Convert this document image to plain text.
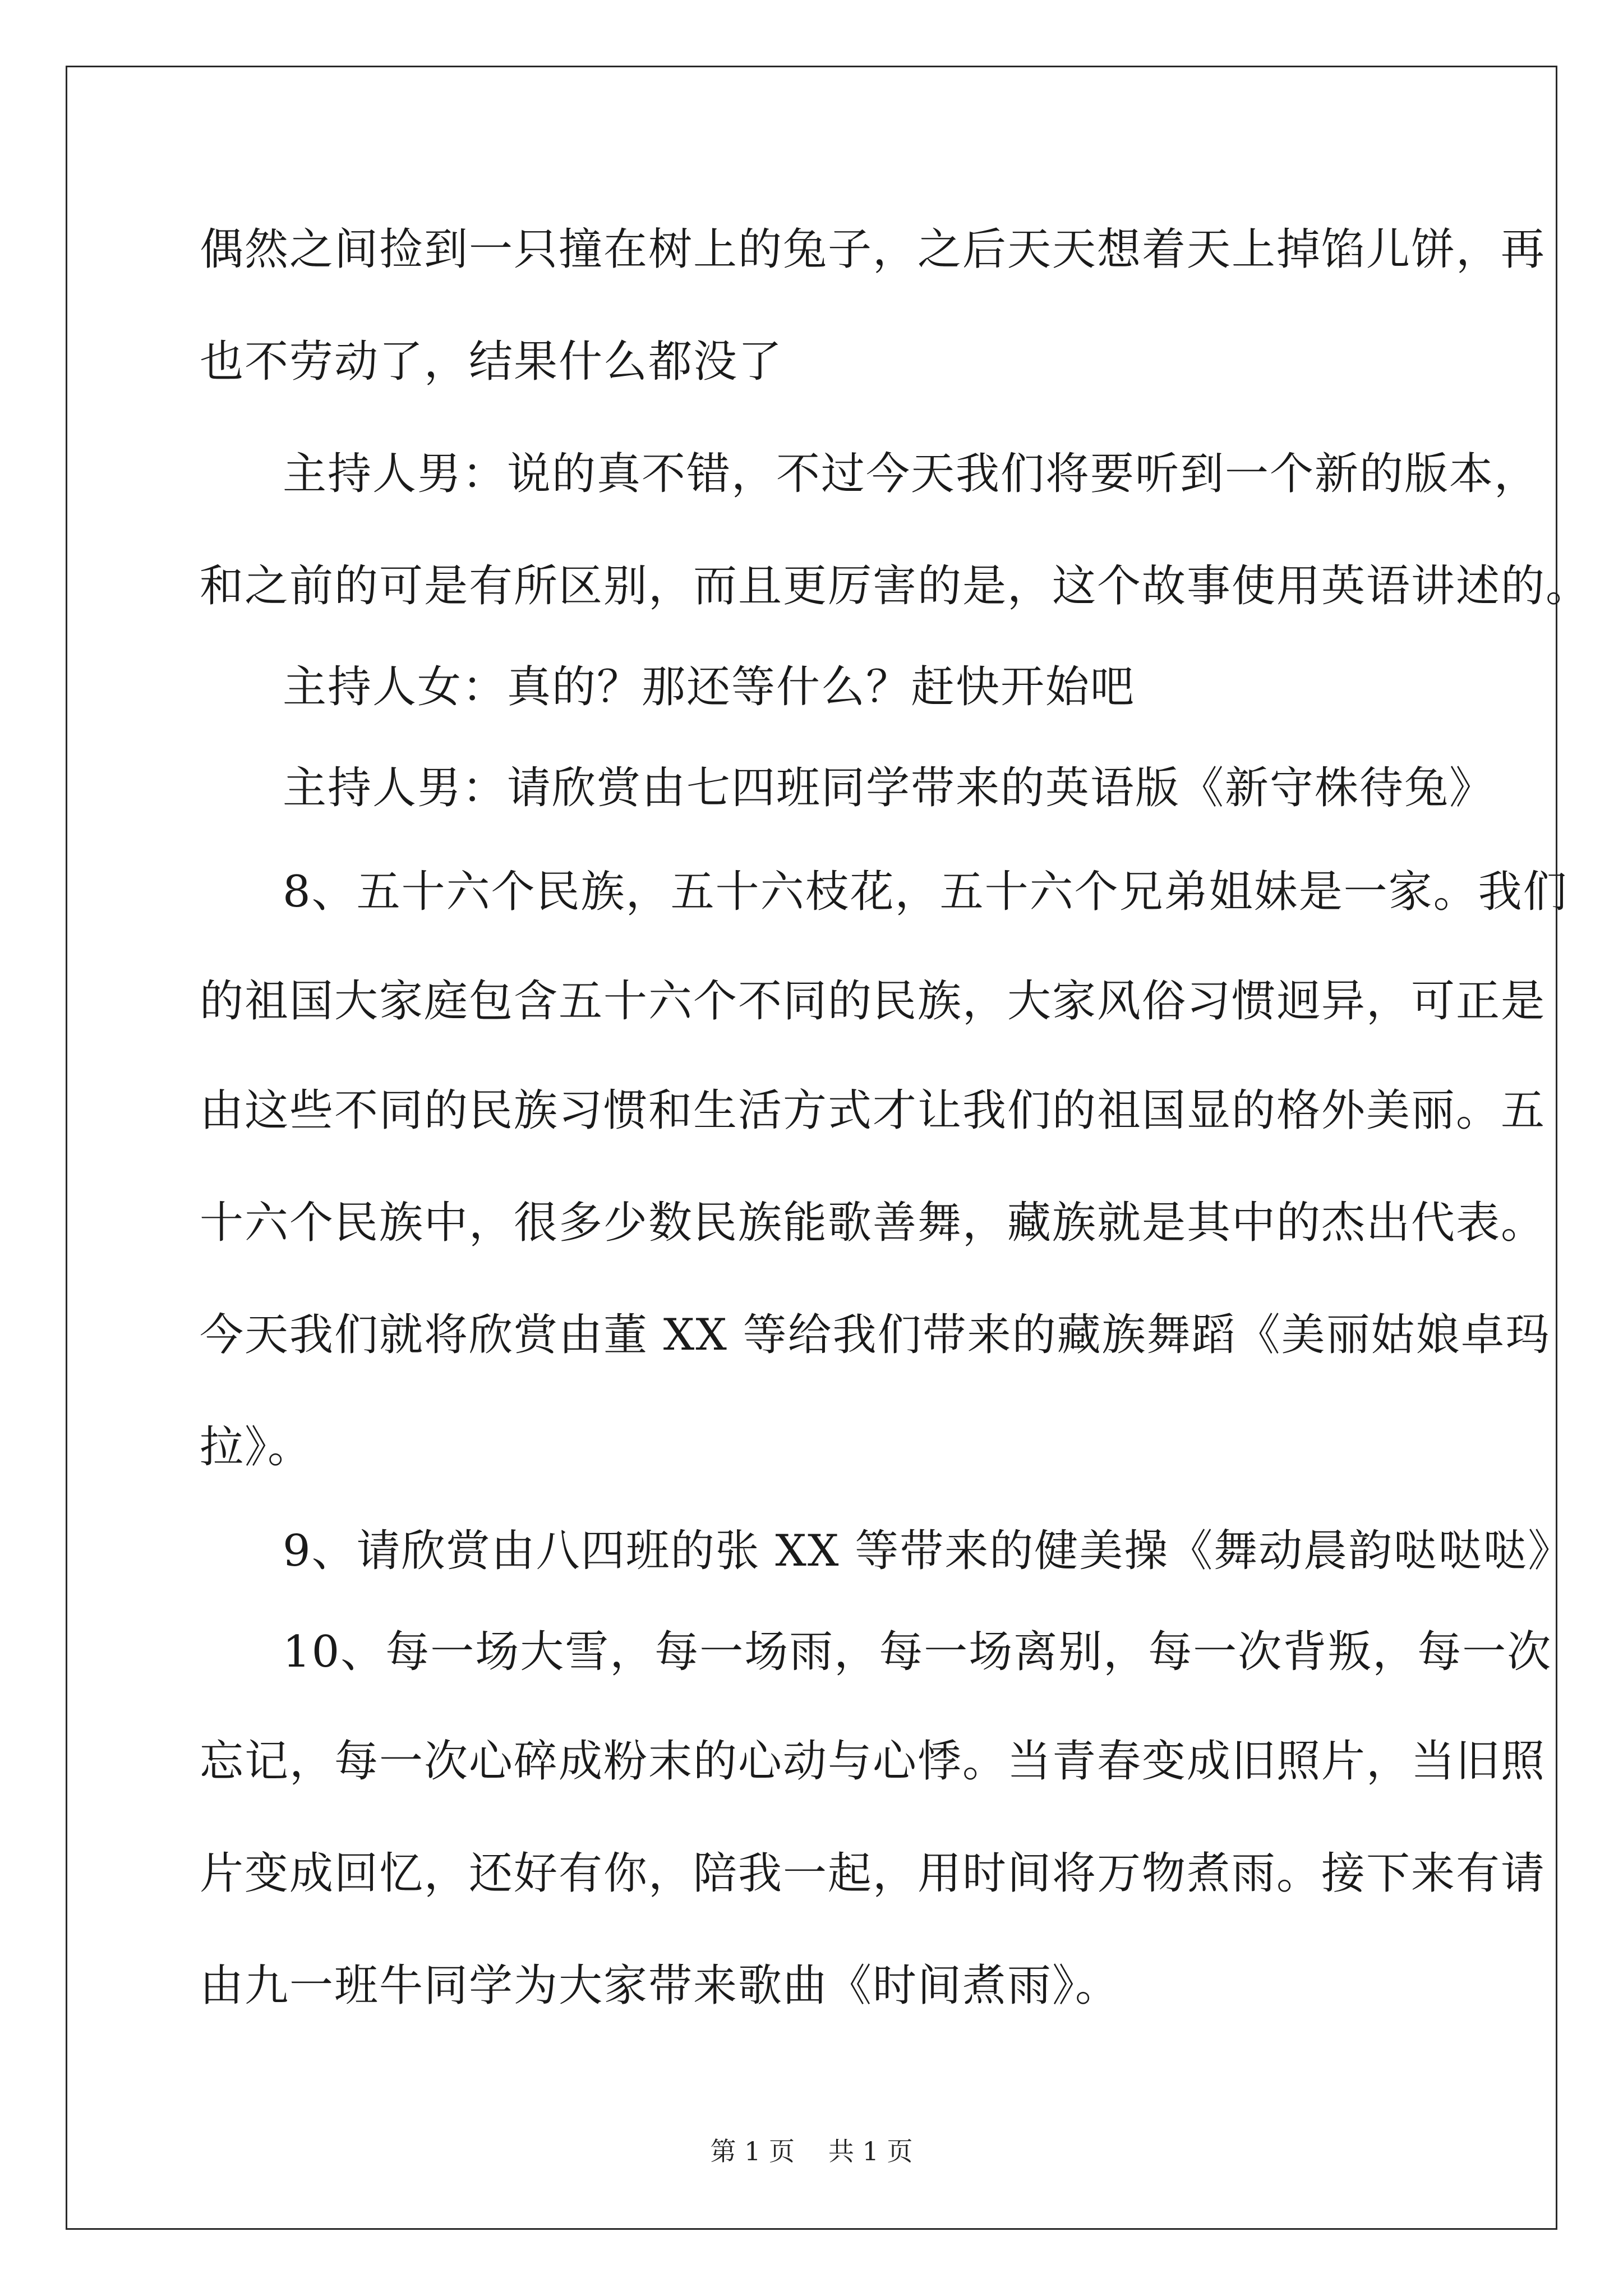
偶然之间捡到一只撞在树上的兔子，之后天天想着天上掉馅儿饼，再
也不劳动了，结果什么都没了
主持人男：说的真不错，不过今天我们将要听到一个新的版本，
和之前的可是有所区别，而且更厉害的是，这个故事使用英语讲述的。
主持人女：真的？那还等什么？赶快开始吧
主持人男：请欣赏由七四班同学带来的英语版《新守株待兔》
8、五十六个民族，五十六枝花，五十六个兄弟姐妹是一家。我们
的祖国大家庭包含五十六个不同的民族，大家风俗习惯迥异，可正是
由这些不同的民族习惯和生活方式才让我们的祖国显的格外美丽。五
十六个民族中，很多少数民族能歌善舞，藏族就是其中的杰出代表。
今天我们就将欣赏由董 XX 等给我们带来的藏族舞蹈《美丽姑娘卓玛
拉》。
9、请欣赏由八四班的张 XX 等带来的健美操《舞动晨韵哒哒哒》
10、每一场大雪，每一场雨，每一场离别，每一次背叛，每一次
忘记，每一次心碎成粉末的心动与心悸。当青春变成旧照片，当旧照
片变成回忆，还好有你，陪我一起，用时间将万物煮雨。接下来有请
由九一班牛同学为大家带来歌曲《时间煮雨》。
第 1 页 共 1 页
